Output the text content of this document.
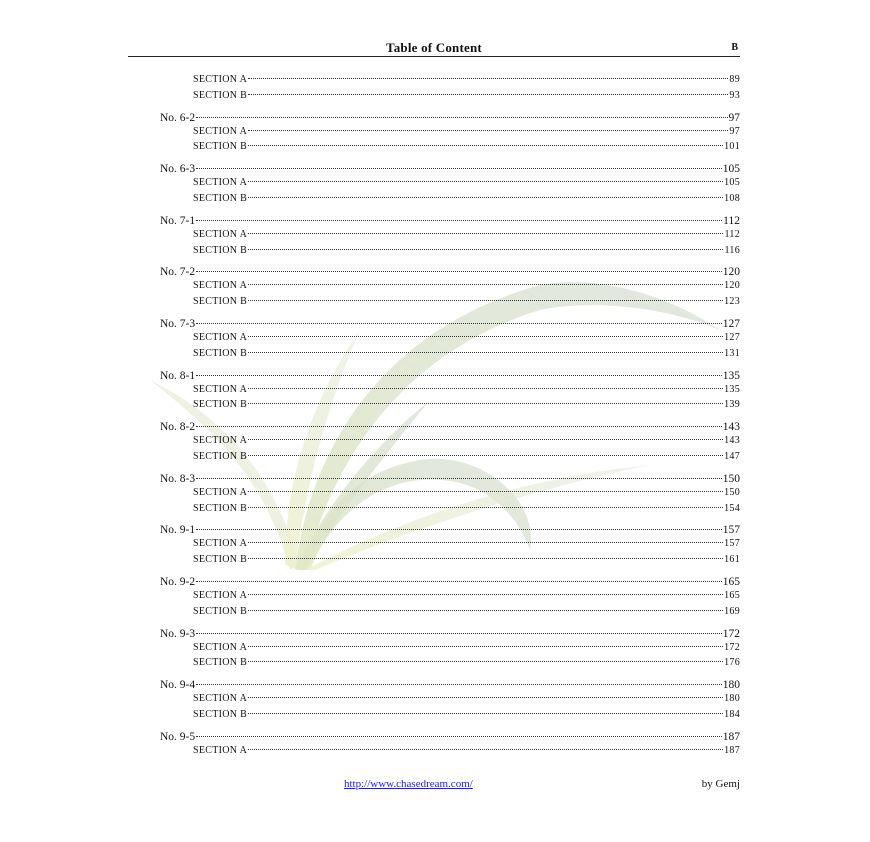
Table of Content	B
SECTION A	89
SECTION B	93
No. 6-2	97
SECTION A	97
SECTION B	101
No. 6-3	105
SECTION A	105
SECTION B	108
No. 7-1	112
SECTION A	112
SECTION B	116
No. 7-2	120
SECTION A	120
SECTION B	123
No. 7-3	127
SECTION A	127
SECTION B	131
No. 8-1	135
SECTION A	135
SECTION B	139
No. 8-2	143
SECTION A	143
SECTION B	147
No. 8-3	150
SECTION A	150
SECTION B	154
No. 9-1	157
SECTION A	157
SECTION B	161
No. 9-2	165
SECTION A	165
SECTION B	169
No. 9-3	172
SECTION A	172
SECTION B	176
No. 9-4	180
SECTION A	180
SECTION B	184
No. 9-5	187
SECTION A	187
http://www.chasedream.com/	by Gemj
